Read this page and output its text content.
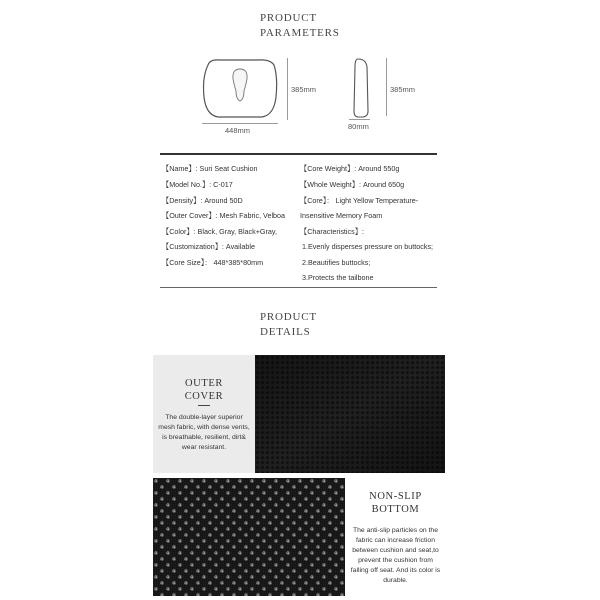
PRODUCT
PARAMETERS
385mm
448mm
385mm
80mm
【Name】: Suri Seat Cushion
【Model No.】: C-017
【Density】: Around 50D
【Outer Cover】: Mesh Fabric, Velboa
【Color】: Black, Gray, Black+Gray,
【Customization】: Available
【Core Size】： 448*385*80mm
【Core Weight】: Around 550g
【Whole Weight】: Around 650g
【Core】： Light Yellow Temperature-
Insensitive Memory Foam
【Characteristics】:
1.Evenly disperses pressure on buttocks;
2.Beautifies buttocks;
3.Protects the tailbone
PRODUCT
DETAILS
OUTER
COVER
The double-layer superior
mesh fabric, with dense vents,
is breathable, resilient, dirt&
wear resistant.
NON-SLIP
BOTTOM
The anti-slip particles on the
fabric can increase friction
between cushion and seat,to
prevent the cushion from
falling off seat. And its color is
durable.
